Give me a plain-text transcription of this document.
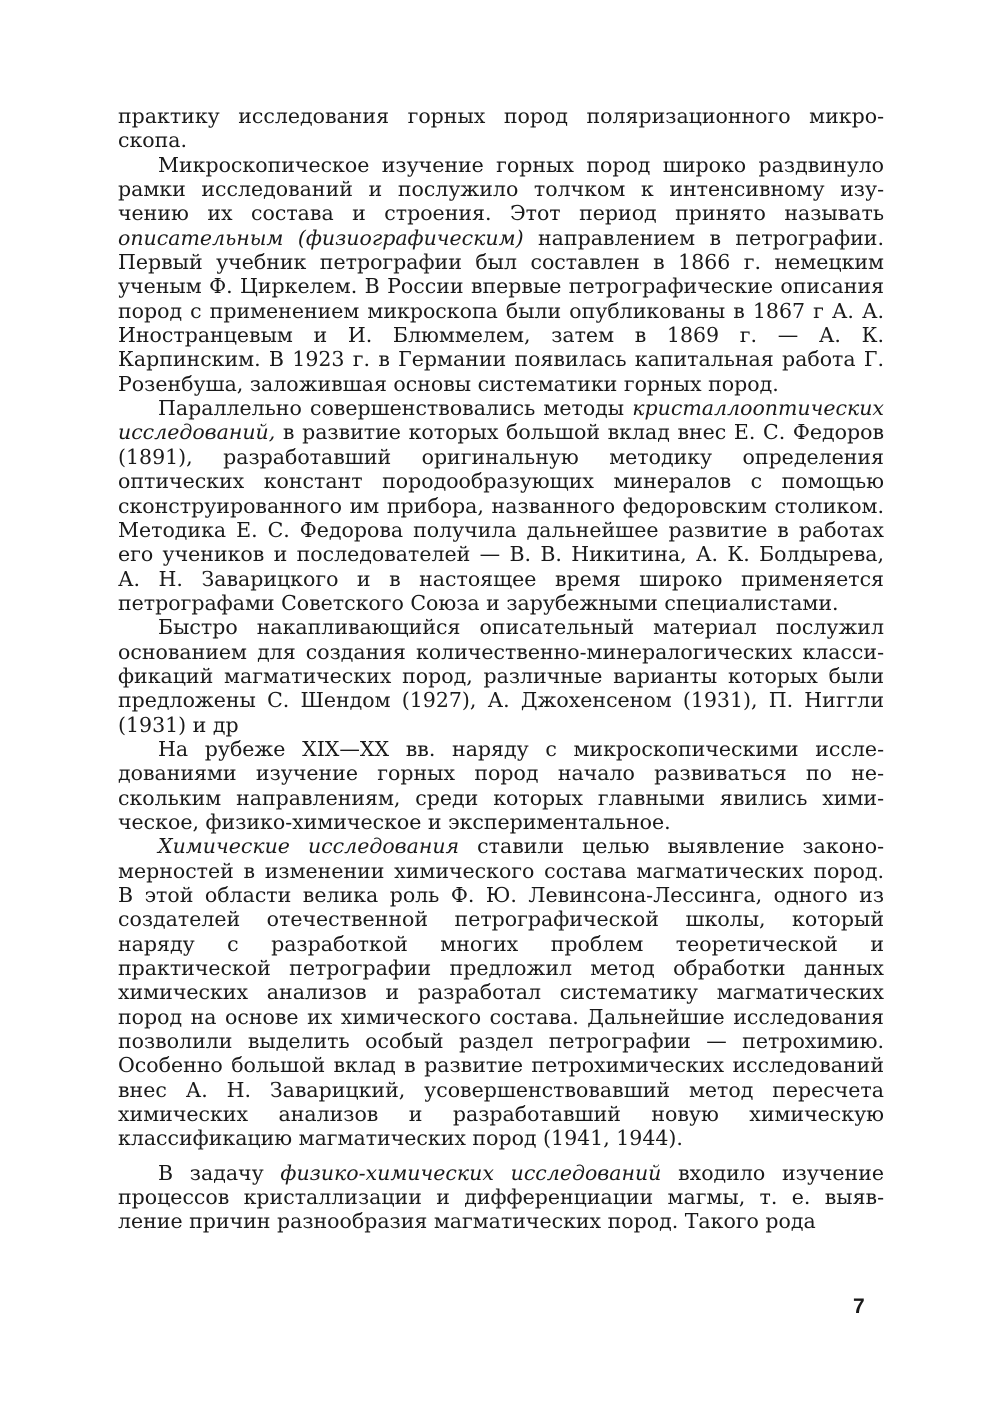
практику исследования горных пород поляризационного микроскопа.

Микроскопическое изучение горных пород широко раздвинуло рамки исследований и послужило толчком к интенсивному изучению их состава и строения. Этот период принято называть описательным (физиографическим) направлением в петрографии. Первый учебник петрографии был составлен в 1866 г. немецким ученым Ф. Циркелем. В России впервые петрографические описания пород с применением микроскопа были опубликованы в 1867 г А. А. Иностранцевым и И. Блюммелем, затем в 1869 г. — А. К. Карпинским. В 1923 г. в Германии появилась капитальная работа Г. Розенбуша, заложившая основы систематики горных пород.

Параллельно совершенствовались методы кристаллооптических исследований, в развитие которых большой вклад внес Е. С. Федоров (1891), разработавший оригинальную методику определения оптических констант породообразующих минералов с помощью сконструированного им прибора, названного федоровским столиком. Методика Е. С. Федорова получила дальнейшее развитие в работах его учеников и последователей — В. В. Никитина, А. К. Болдырева, А. Н. Заварицкого и в настоящее время широко применяется петрографами Советского Союза и зарубежными специалистами.

Быстро накапливающийся описательный материал послужил основанием для создания количественно-минералогических классификаций магматических пород, различные варианты которых были предложены С. Шендом (1927), А. Джохенсеном (1931), П. Ниггли (1931) и др

На рубеже XIX—XX вв. наряду с микроскопическими исследованиями изучение горных пород начало развиваться по нескольким направлениям, среди которых главными явились химическое, физико-химическое и экспериментальное.

Химические исследования ставили целью выявление закономерностей в изменении химического состава магматических пород. В этой области велика роль Ф. Ю. Левинсона-Лессинга, одного из создателей отечественной петрографической школы, который наряду с разработкой многих проблем теоретической и практической петрографии предложил метод обработки данных химических анализов и разработал систематику магматических пород на основе их химического состава. Дальнейшие исследования позволили выделить особый раздел петрографии — петрохимию. Особенно большой вклад в развитие петрохимических исследований внес А. Н. Заварицкий, усовершенствовавший метод пересчета химических анализов и разработавший новую химическую классификацию магматических пород (1941, 1944).

В задачу физико-химических исследований входило изучение процессов кристаллизации и дифференциации магмы, т. е. выявление причин разнообразия магматических пород. Такого рода

7
